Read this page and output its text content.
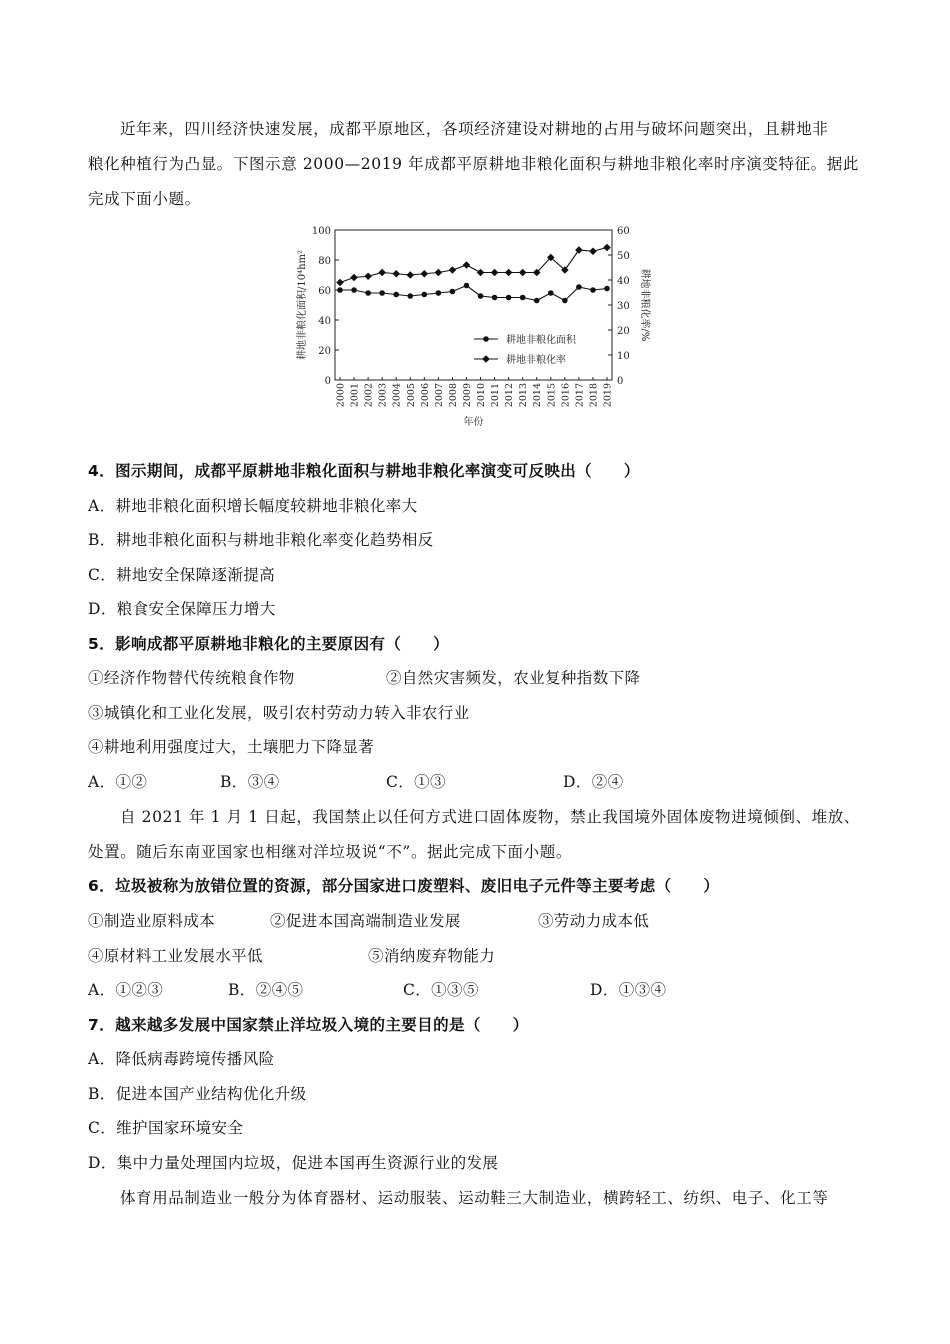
近年来，四川经济快速发展，成都平原地区，各项经济建设对耕地的占用与破坏问题突出，且耕地非
粮化种植行为凸显。下图示意 2000—2019 年成都平原耕地非粮化面积与耕地非粮化率时序演变特征。据此
完成下面小题。
0
20
40
60
80
100
0
10
20
30
40
50
60
2000 2001 2002 2003 2004 2005 2006 2007 2008 2009 2010 2011 2012 2013 2014 2015 2016 2017 2018 2019
年份
耕地非粮化面积/10⁴hm²	耕地非粮化率/%
耕地非粮化面积
耕地非粮化率
4．图示期间，成都平原耕地非粮化面积与耕地非粮化率演变可反映出（　　）
A．耕地非粮化面积增长幅度较耕地非粮化率大
B．耕地非粮化面积与耕地非粮化率变化趋势相反
C．耕地安全保障逐渐提高
D．粮食安全保障压力增大
5．影响成都平原耕地非粮化的主要原因有（　　）
①经济作物替代传统粮食作物	②自然灾害频发，农业复种指数下降
③城镇化和工业化发展，吸引农村劳动力转入非农行业
④耕地利用强度过大，土壤肥力下降显著
A．①②	B．③④	C．①③	D．②④
自 2021 年 1 月 1 日起，我国禁止以任何方式进口固体废物，禁止我国境外固体废物进境倾倒、堆放、
处置。随后东南亚国家也相继对洋垃圾说“不”。据此完成下面小题。
6．垃圾被称为放错位置的资源，部分国家进口废塑料、废旧电子元件等主要考虑（　　）
①制造业原料成本	②促进本国高端制造业发展	③劳动力成本低
④原材料工业发展水平低	⑤消纳废弃物能力
A．①②③	B．②④⑤	C．①③⑤	D．①③④
7．越来越多发展中国家禁止洋垃圾入境的主要目的是（　　）
A．降低病毒跨境传播风险
B．促进本国产业结构优化升级
C．维护国家环境安全
D．集中力量处理国内垃圾，促进本国再生资源行业的发展
体育用品制造业一般分为体育器材、运动服装、运动鞋三大制造业，横跨轻工、纺织、电子、化工等
